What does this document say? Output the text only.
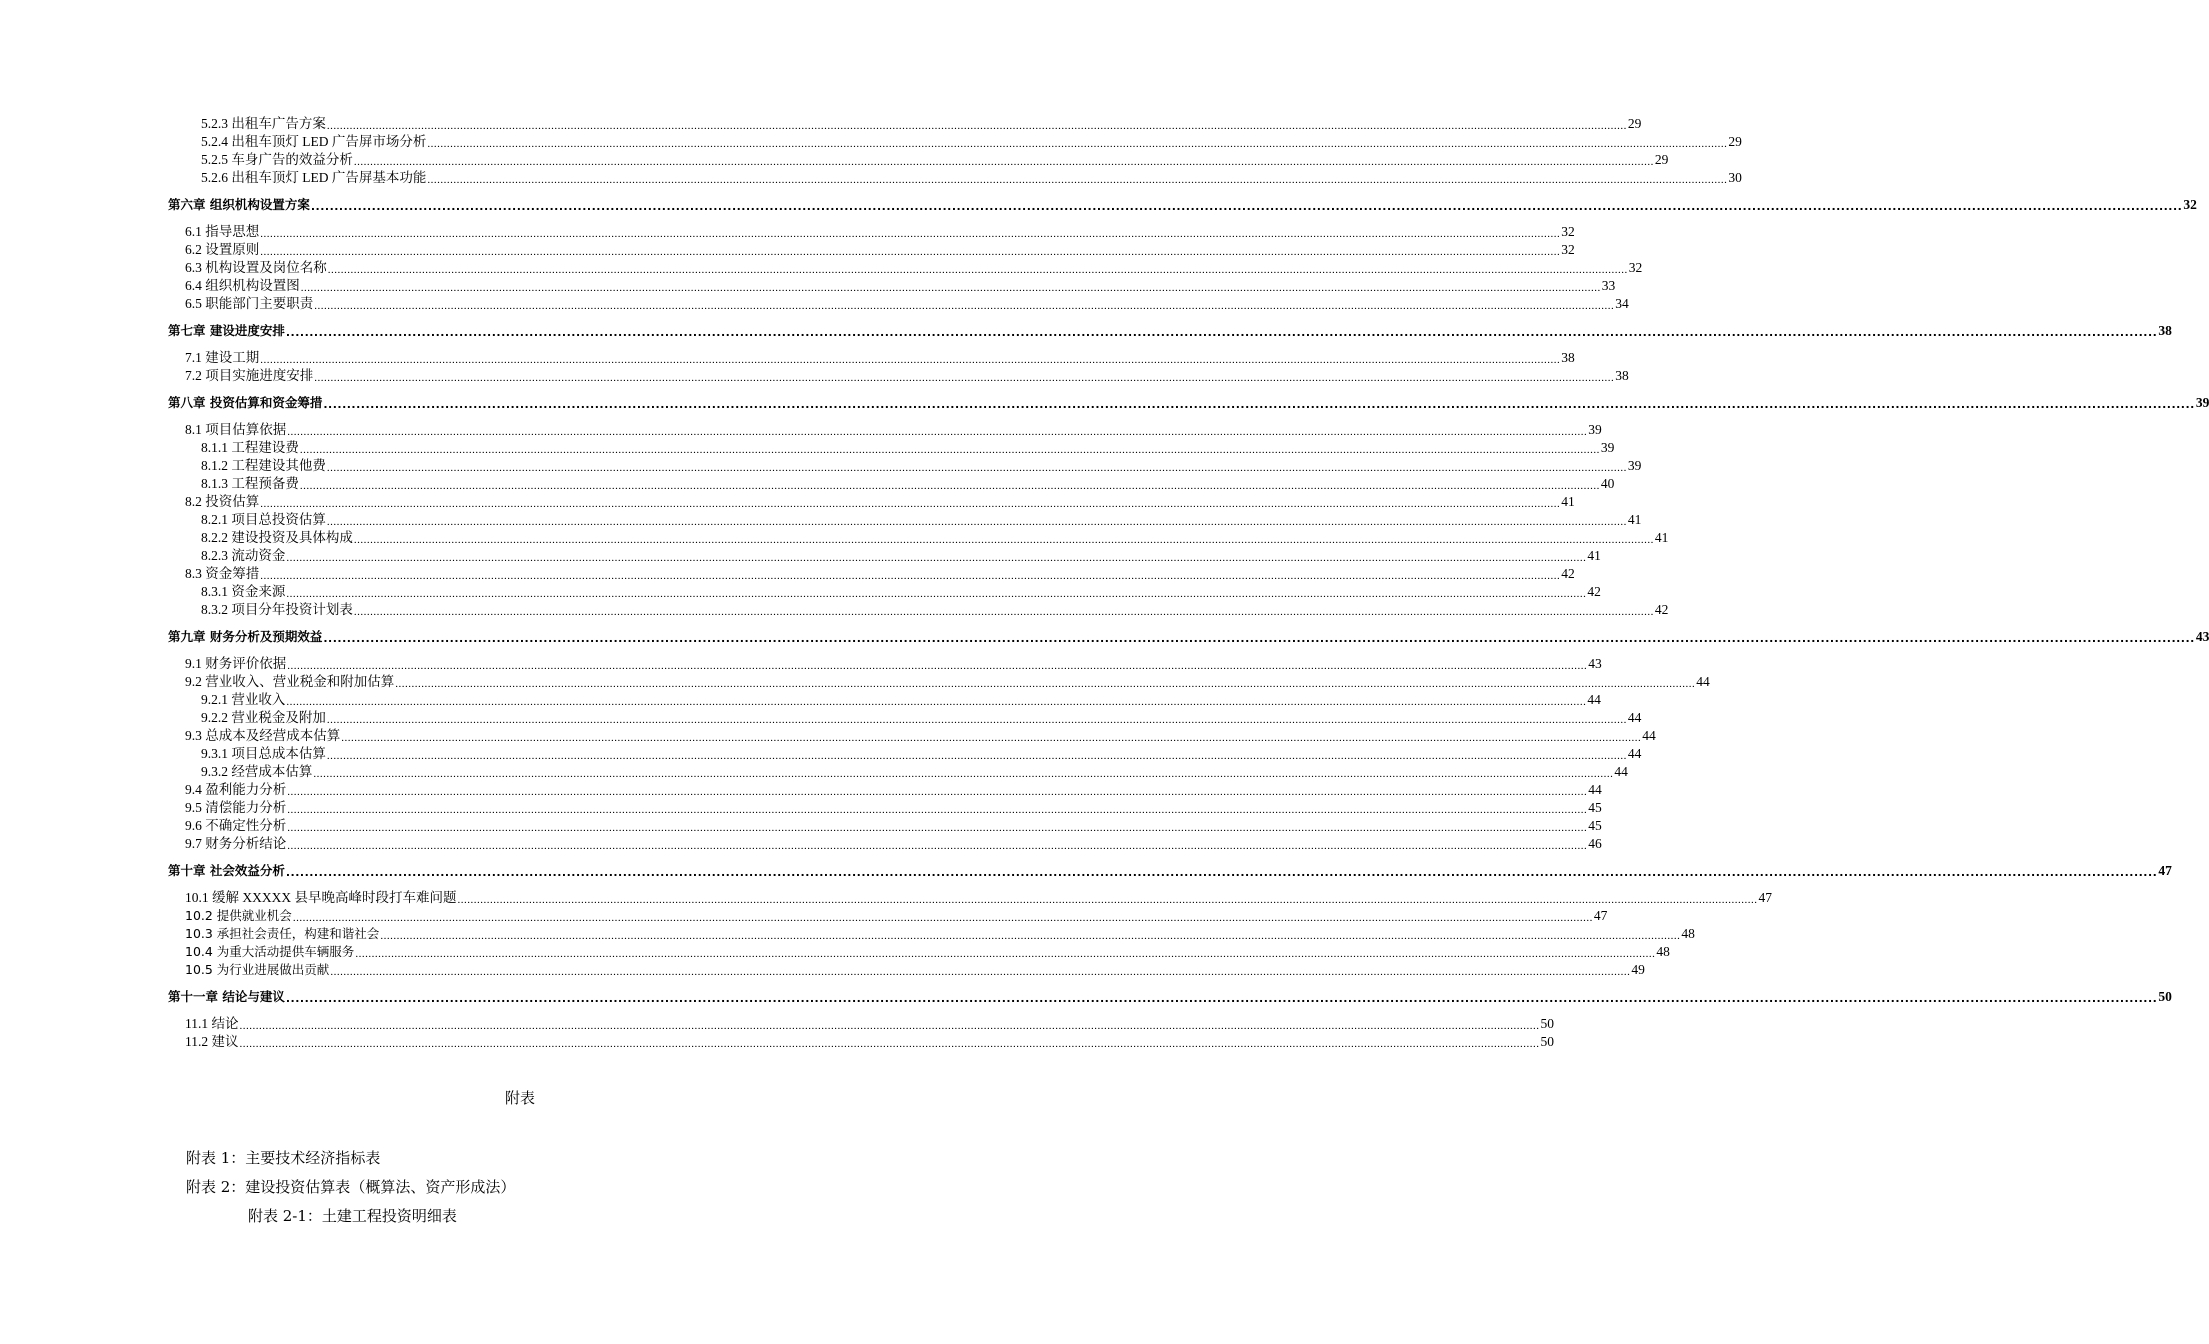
5.2.3 出租车广告方案 ................................................................................................................................................................................................................................................................................................................................................................................................................ 29
5.2.4 出租车顶灯 LED 广告屏市场分析 ................................................................................................................................................................................................................................................................................................................................................................................................................ 29
5.2.5 车身广告的效益分析 ................................................................................................................................................................................................................................................................................................................................................................................................................ 29
5.2.6 出租车顶灯 LED 广告屏基本功能 ................................................................................................................................................................................................................................................................................................................................................................................................................ 30
第六章 组织机构设置方案 ................................................................................................................................................................................................................................................................................................................................................................................................................ 32
6.1 指导思想 ................................................................................................................................................................................................................................................................................................................................................................................................................ 32
6.2 设置原则 ................................................................................................................................................................................................................................................................................................................................................................................................................ 32
6.3 机构设置及岗位名称 ................................................................................................................................................................................................................................................................................................................................................................................................................ 32
6.4 组织机构设置图 ................................................................................................................................................................................................................................................................................................................................................................................................................ 33
6.5 职能部门主要职责 ................................................................................................................................................................................................................................................................................................................................................................................................................ 34
第七章 建设进度安排 ................................................................................................................................................................................................................................................................................................................................................................................................................ 38
7.1 建设工期 ................................................................................................................................................................................................................................................................................................................................................................................................................ 38
7.2 项目实施进度安排 ................................................................................................................................................................................................................................................................................................................................................................................................................ 38
第八章 投资估算和资金筹措 ................................................................................................................................................................................................................................................................................................................................................................................................................ 39
8.1 项目估算依据 ................................................................................................................................................................................................................................................................................................................................................................................................................ 39
8.1.1 工程建设费 ................................................................................................................................................................................................................................................................................................................................................................................................................ 39
8.1.2 工程建设其他费 ................................................................................................................................................................................................................................................................................................................................................................................................................ 39
8.1.3 工程预备费 ................................................................................................................................................................................................................................................................................................................................................................................................................ 40
8.2 投资估算 ................................................................................................................................................................................................................................................................................................................................................................................................................ 41
8.2.1 项目总投资估算 ................................................................................................................................................................................................................................................................................................................................................................................................................ 41
8.2.2 建设投资及具体构成 ................................................................................................................................................................................................................................................................................................................................................................................................................ 41
8.2.3 流动资金 ................................................................................................................................................................................................................................................................................................................................................................................................................ 41
8.3 资金筹措 ................................................................................................................................................................................................................................................................................................................................................................................................................ 42
8.3.1 资金来源 ................................................................................................................................................................................................................................................................................................................................................................................................................ 42
8.3.2 项目分年投资计划表 ................................................................................................................................................................................................................................................................................................................................................................................................................ 42
第九章 财务分析及预期效益 ................................................................................................................................................................................................................................................................................................................................................................................................................ 43
9.1 财务评价依据 ................................................................................................................................................................................................................................................................................................................................................................................................................ 43
9.2 营业收入、营业税金和附加估算 ................................................................................................................................................................................................................................................................................................................................................................................................................ 44
9.2.1 营业收入 ................................................................................................................................................................................................................................................................................................................................................................................................................ 44
9.2.2 营业税金及附加 ................................................................................................................................................................................................................................................................................................................................................................................................................ 44
9.3 总成本及经营成本估算 ................................................................................................................................................................................................................................................................................................................................................................................................................ 44
9.3.1 项目总成本估算 ................................................................................................................................................................................................................................................................................................................................................................................................................ 44
9.3.2 经营成本估算 ................................................................................................................................................................................................................................................................................................................................................................................................................ 44
9.4 盈利能力分析 ................................................................................................................................................................................................................................................................................................................................................................................................................ 44
9.5 清偿能力分析 ................................................................................................................................................................................................................................................................................................................................................................................................................ 45
9.6 不确定性分析 ................................................................................................................................................................................................................................................................................................................................................................................................................ 45
9.7 财务分析结论 ................................................................................................................................................................................................................................................................................................................................................................................................................ 46
第十章 社会效益分析 ................................................................................................................................................................................................................................................................................................................................................................................................................ 47
10.1 缓解 XXXXX 县早晚高峰时段打车难问题 ................................................................................................................................................................................................................................................................................................................................................................................................................ 47
10.2 提供就业机会 ................................................................................................................................................................................................................................................................................................................................................................................................................ 47
10.3 承担社会责任，构建和谐社会 ................................................................................................................................................................................................................................................................................................................................................................................................................ 48
10.4 为重大活动提供车辆服务 ................................................................................................................................................................................................................................................................................................................................................................................................................ 48
10.5 为行业进展做出贡献 ................................................................................................................................................................................................................................................................................................................................................................................................................ 49
第十一章 结论与建议 ................................................................................................................................................................................................................................................................................................................................................................................................................ 50
11.1 结论 ................................................................................................................................................................................................................................................................................................................................................................................................................ 50
11.2 建议 ................................................................................................................................................................................................................................................................................................................................................................................................................ 50
附表
附表 1：主要技术经济指标表
附表 2：建设投资估算表（概算法、资产形成法）
附表 2-1：土建工程投资明细表
